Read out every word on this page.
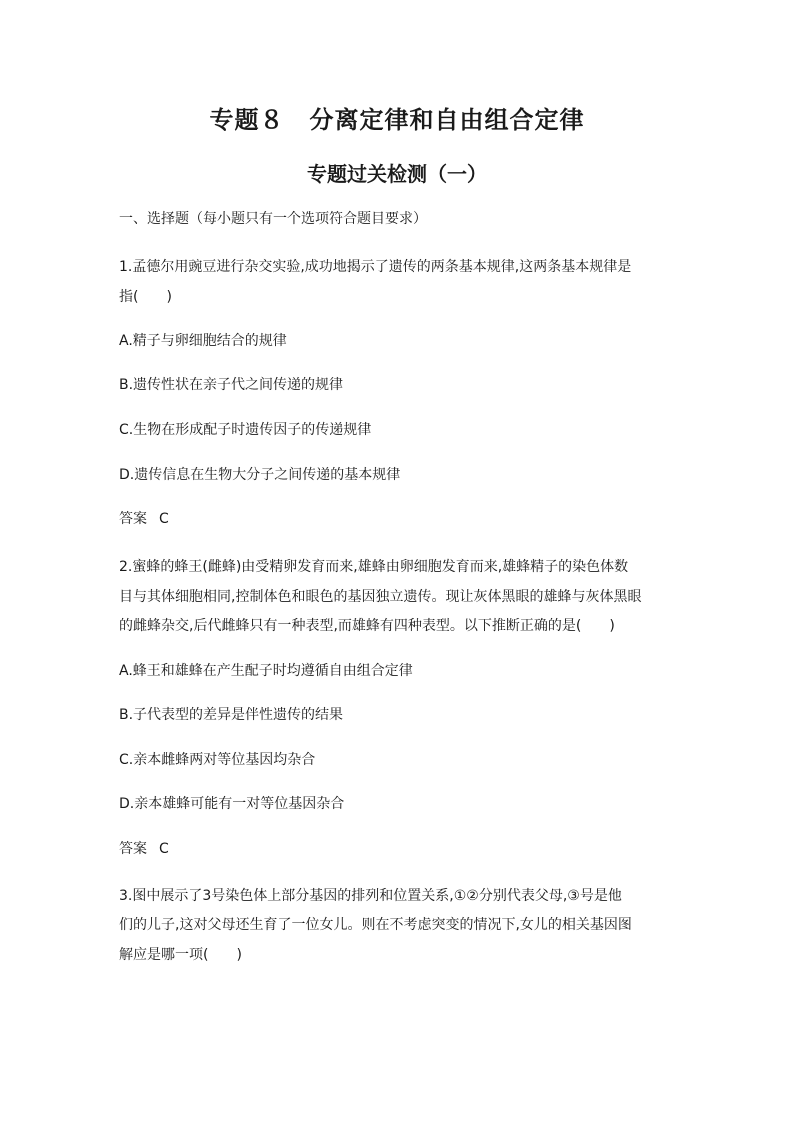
专题８　分离定律和自由组合定律
专题过关检测（一）
一、选择题（每小题只有一个选项符合题目要求）
1.孟德尔用豌豆进行杂交实验,成功地揭示了遗传的两条基本规律,这两条基本规律是
指(　　)
A.精子与卵细胞结合的规律
B.遗传性状在亲子代之间传递的规律
C.生物在形成配子时遗传因子的传递规律
D.遗传信息在生物大分子之间传递的基本规律
答案 C
2.蜜蜂的蜂王(雌蜂)由受精卵发育而来,雄蜂由卵细胞发育而来,雄蜂精子的染色体数
目与其体细胞相同,控制体色和眼色的基因独立遗传。现让灰体黑眼的雄蜂与灰体黑眼
的雌蜂杂交,后代雌蜂只有一种表型,而雄蜂有四种表型。以下推断正确的是(　　)
A.蜂王和雄蜂在产生配子时均遵循自由组合定律
B.子代表型的差异是伴性遗传的结果
C.亲本雌蜂两对等位基因均杂合
D.亲本雄蜂可能有一对等位基因杂合
答案 C
3.图中展示了3号染色体上部分基因的排列和位置关系,①②分别代表父母,③号是他
们的儿子,这对父母还生育了一位女儿。则在不考虑突变的情况下,女儿的相关基因图
解应是哪一项(　　)
